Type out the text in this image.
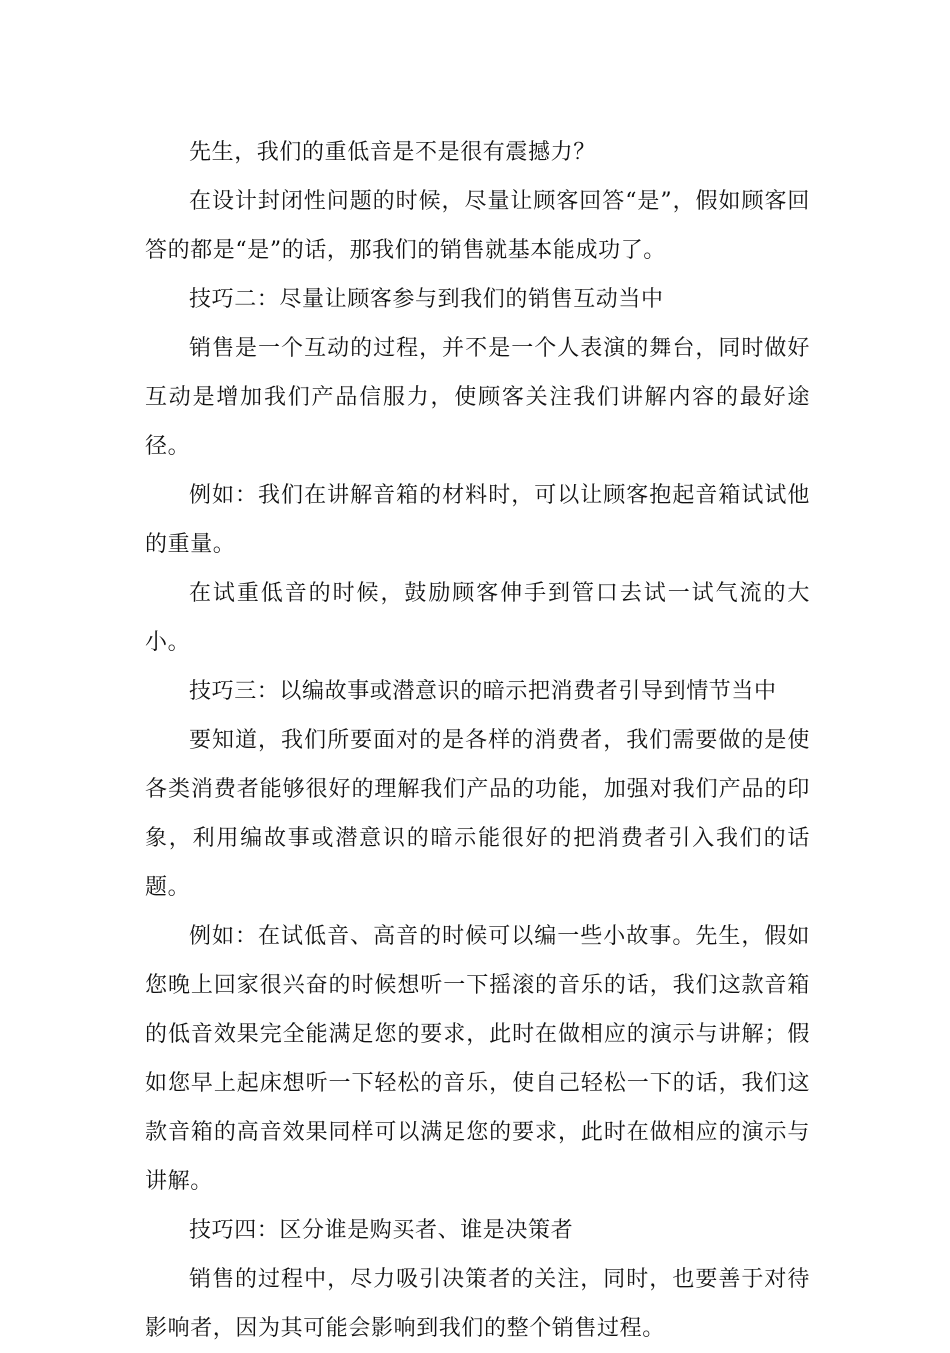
先生，我们的重低音是不是很有震撼力？

在设计封闭性问题的时候，尽量让顾客回答“是”，假如顾客回答的都是“是”的话，那我们的销售就基本能成功了。

技巧二：尽量让顾客参与到我们的销售互动当中

销售是一个互动的过程，并不是一个人表演的舞台，同时做好互动是增加我们产品信服力，使顾客关注我们讲解内容的最好途径。

例如：我们在讲解音箱的材料时，可以让顾客抱起音箱试试他的重量。

在试重低音的时候，鼓励顾客伸手到管口去试一试气流的大小。

技巧三：以编故事或潜意识的暗示把消费者引导到情节当中

要知道，我们所要面对的是各样的消费者，我们需要做的是使各类消费者能够很好的理解我们产品的功能，加强对我们产品的印象，利用编故事或潜意识的暗示能很好的把消费者引入我们的话题。

例如：在试低音、高音的时候可以编一些小故事。先生，假如您晚上回家很兴奋的时候想听一下摇滚的音乐的话，我们这款音箱的低音效果完全能满足您的要求，此时在做相应的演示与讲解；假如您早上起床想听一下轻松的音乐，使自己轻松一下的话，我们这款音箱的高音效果同样可以满足您的要求，此时在做相应的演示与讲解。

技巧四：区分谁是购买者、谁是决策者

销售的过程中，尽力吸引决策者的关注，同时，也要善于对待影响者，因为其可能会影响到我们的整个销售过程。
